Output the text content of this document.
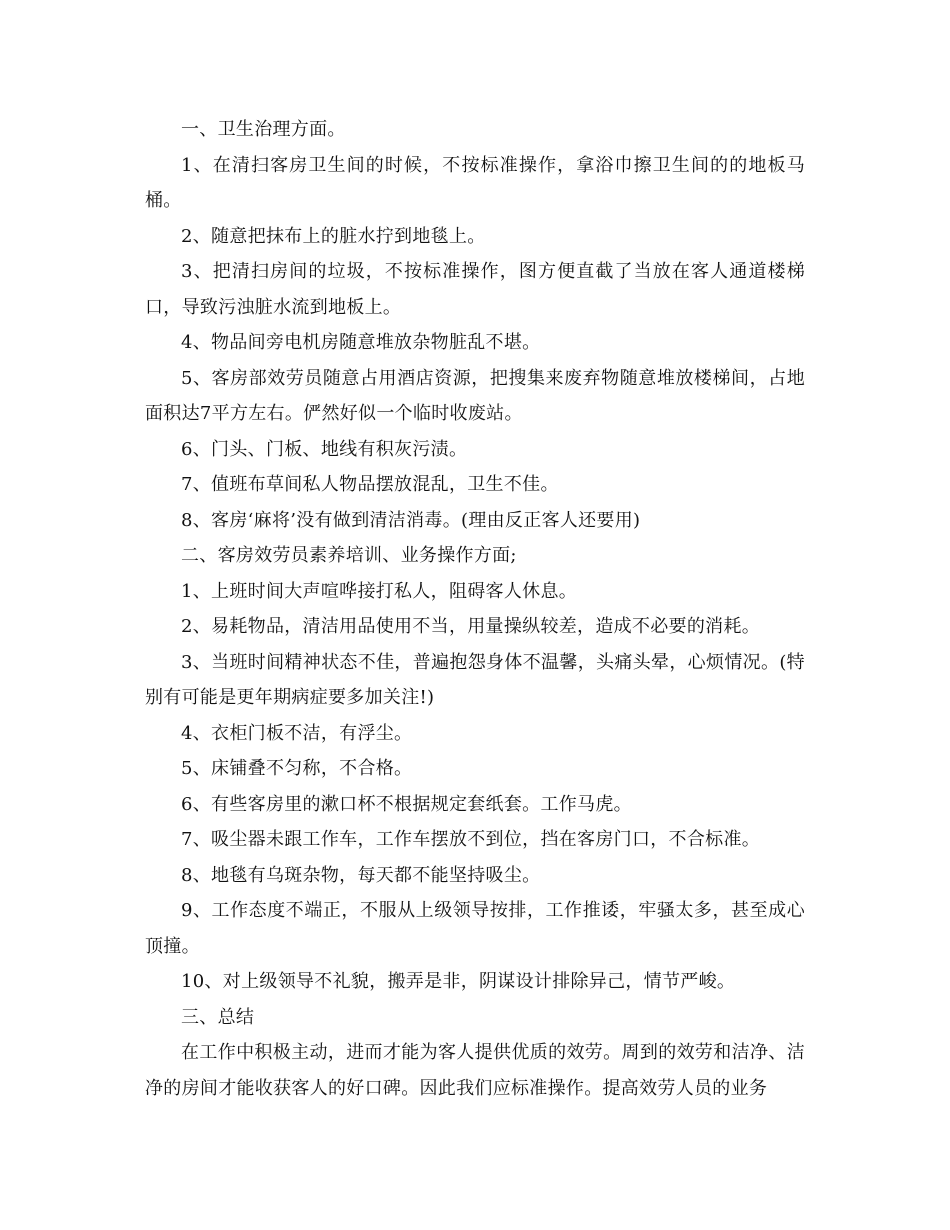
一、卫生治理方面。

1、在清扫客房卫生间的时候，不按标准操作，拿浴巾擦卫生间的的地板马桶。

2、随意把抹布上的脏水拧到地毯上。

3、把清扫房间的垃圾，不按标准操作，图方便直截了当放在客人通道楼梯口，导致污浊脏水流到地板上。

4、物品间旁电机房随意堆放杂物脏乱不堪。

5、客房部效劳员随意占用酒店资源，把搜集来废弃物随意堆放楼梯间，占地面积达7平方左右。俨然好似一个临时收废站。

6、门头、门板、地线有积灰污渍。

7、值班布草间私人物品摆放混乱，卫生不佳。

8、客房‘麻将’没有做到清洁消毒。(理由反正客人还要用)

二、客房效劳员素养培训、业务操作方面;

1、上班时间大声喧哗接打私人，阻碍客人休息。

2、易耗物品，清洁用品使用不当，用量操纵较差，造成不必要的消耗。

3、当班时间精神状态不佳，普遍抱怨身体不温馨，头痛头晕，心烦情况。(特别有可能是更年期病症要多加关注!)

4、衣柜门板不洁，有浮尘。

5、床铺叠不匀称，不合格。

6、有些客房里的漱口杯不根据规定套纸套。工作马虎。

7、吸尘器未跟工作车，工作车摆放不到位，挡在客房门口，不合标准。

8、地毯有乌斑杂物，每天都不能坚持吸尘。

9、工作态度不端正，不服从上级领导按排，工作推诿，牢骚太多，甚至成心顶撞。

10、对上级领导不礼貌，搬弄是非，阴谋设计排除异己，情节严峻。

三、总结

在工作中积极主动，进而才能为客人提供优质的效劳。周到的效劳和洁净、洁净的房间才能收获客人的好口碑。因此我们应标准操作。提高效劳人员的业务
